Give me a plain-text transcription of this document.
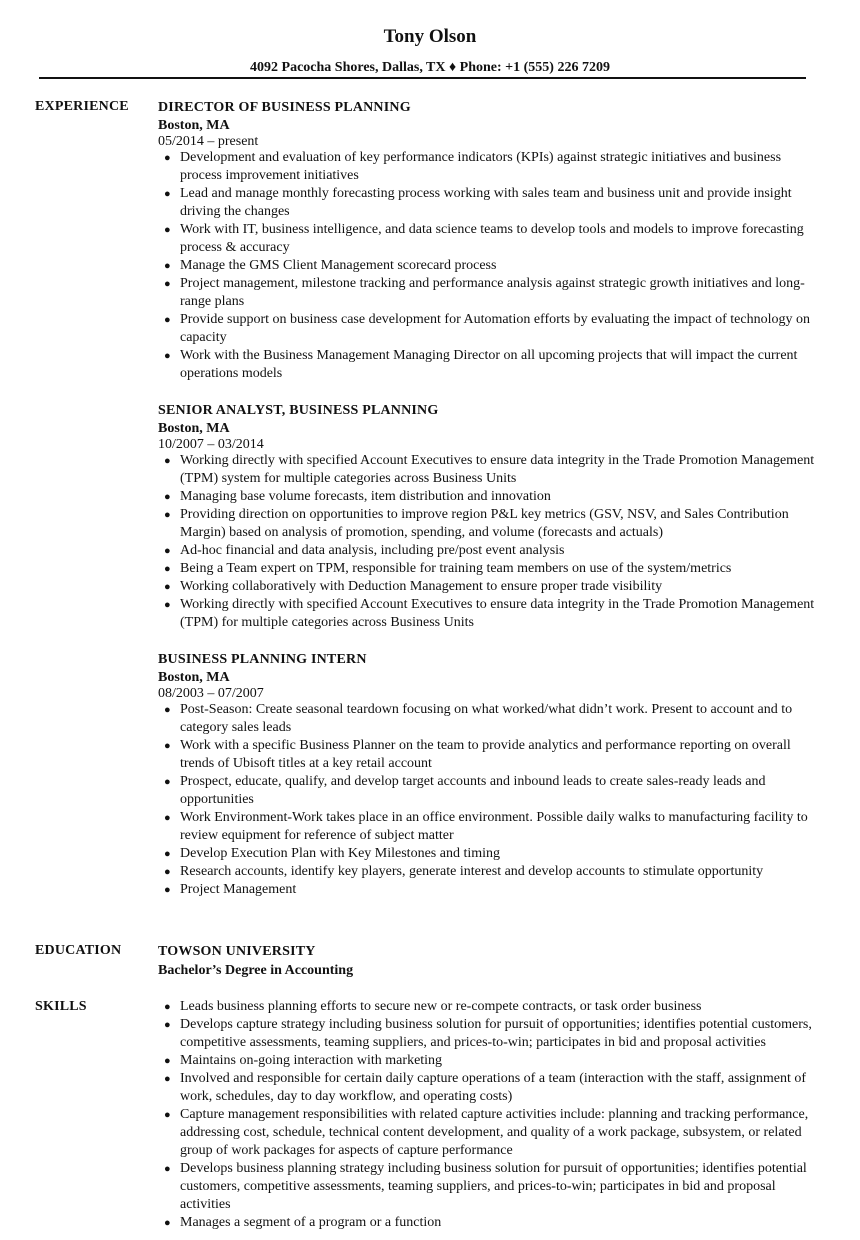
Tony Olson
4092 Pacocha Shores, Dallas, TX ♦ Phone: +1 (555) 226 7209
EXPERIENCE DIRECTOR OF BUSINESS PLANNING
Boston, MA
05/2014 – present
● Development and evaluation of key performance indicators (KPIs) against strategic initiatives and business process improvement initiatives
● Lead and manage monthly forecasting process working with sales team and business unit and provide insight driving the changes
● Work with IT, business intelligence, and data science teams to develop tools and models to improve forecasting process & accuracy
● Manage the GMS Client Management scorecard process
● Project management, milestone tracking and performance analysis against strategic growth initiatives and long-range plans
● Provide support on business case development for Automation efforts by evaluating the impact of technology on capacity
● Work with the Business Management Managing Director on all upcoming projects that will impact the current operations models
SENIOR ANALYST, BUSINESS PLANNING
Boston, MA
10/2007 – 03/2014
● Working directly with specified Account Executives to ensure data integrity in the Trade Promotion Management (TPM) system for multiple categories across Business Units
● Managing base volume forecasts, item distribution and innovation
● Providing direction on opportunities to improve region P&L key metrics (GSV, NSV, and Sales Contribution Margin) based on analysis of promotion, spending, and volume (forecasts and actuals)
● Ad-hoc financial and data analysis, including pre/post event analysis
● Being a Team expert on TPM, responsible for training team members on use of the system/metrics
● Working collaboratively with Deduction Management to ensure proper trade visibility
● Working directly with specified Account Executives to ensure data integrity in the Trade Promotion Management (TPM) for multiple categories across Business Units
BUSINESS PLANNING INTERN
Boston, MA
08/2003 – 07/2007
● Post-Season: Create seasonal teardown focusing on what worked/what didn’t work. Present to account and to category sales leads
● Work with a specific Business Planner on the team to provide analytics and performance reporting on overall trends of Ubisoft titles at a key retail account
● Prospect, educate, qualify, and develop target accounts and inbound leads to create sales-ready leads and opportunities
● Work Environment-Work takes place in an office environment. Possible daily walks to manufacturing facility to review equipment for reference of subject matter
● Develop Execution Plan with Key Milestones and timing
● Research accounts, identify key players, generate interest and develop accounts to stimulate opportunity
● Project Management
EDUCATION	TOWSON UNIVERSITY
Bachelor’s Degree in Accounting
SKILLS	● Leads business planning efforts to secure new or re-compete contracts, or task order business
● Develops capture strategy including business solution for pursuit of opportunities; identifies potential customers, competitive assessments, teaming suppliers, and prices-to-win; participates in bid and proposal activities
● Maintains on-going interaction with marketing
● Involved and responsible for certain daily capture operations of a team (interaction with the staff, assignment of work, schedules, day to day workflow, and operating costs)
● Capture management responsibilities with related capture activities include: planning and tracking performance, addressing cost, schedule, technical content development, and quality of a work package, subsystem, or related group of work packages for aspects of capture performance
● Develops business planning strategy including business solution for pursuit of opportunities; identifies potential customers, competitive assessments, teaming suppliers, and prices-to-win; participates in bid and proposal activities
● Manages a segment of a program or a function
